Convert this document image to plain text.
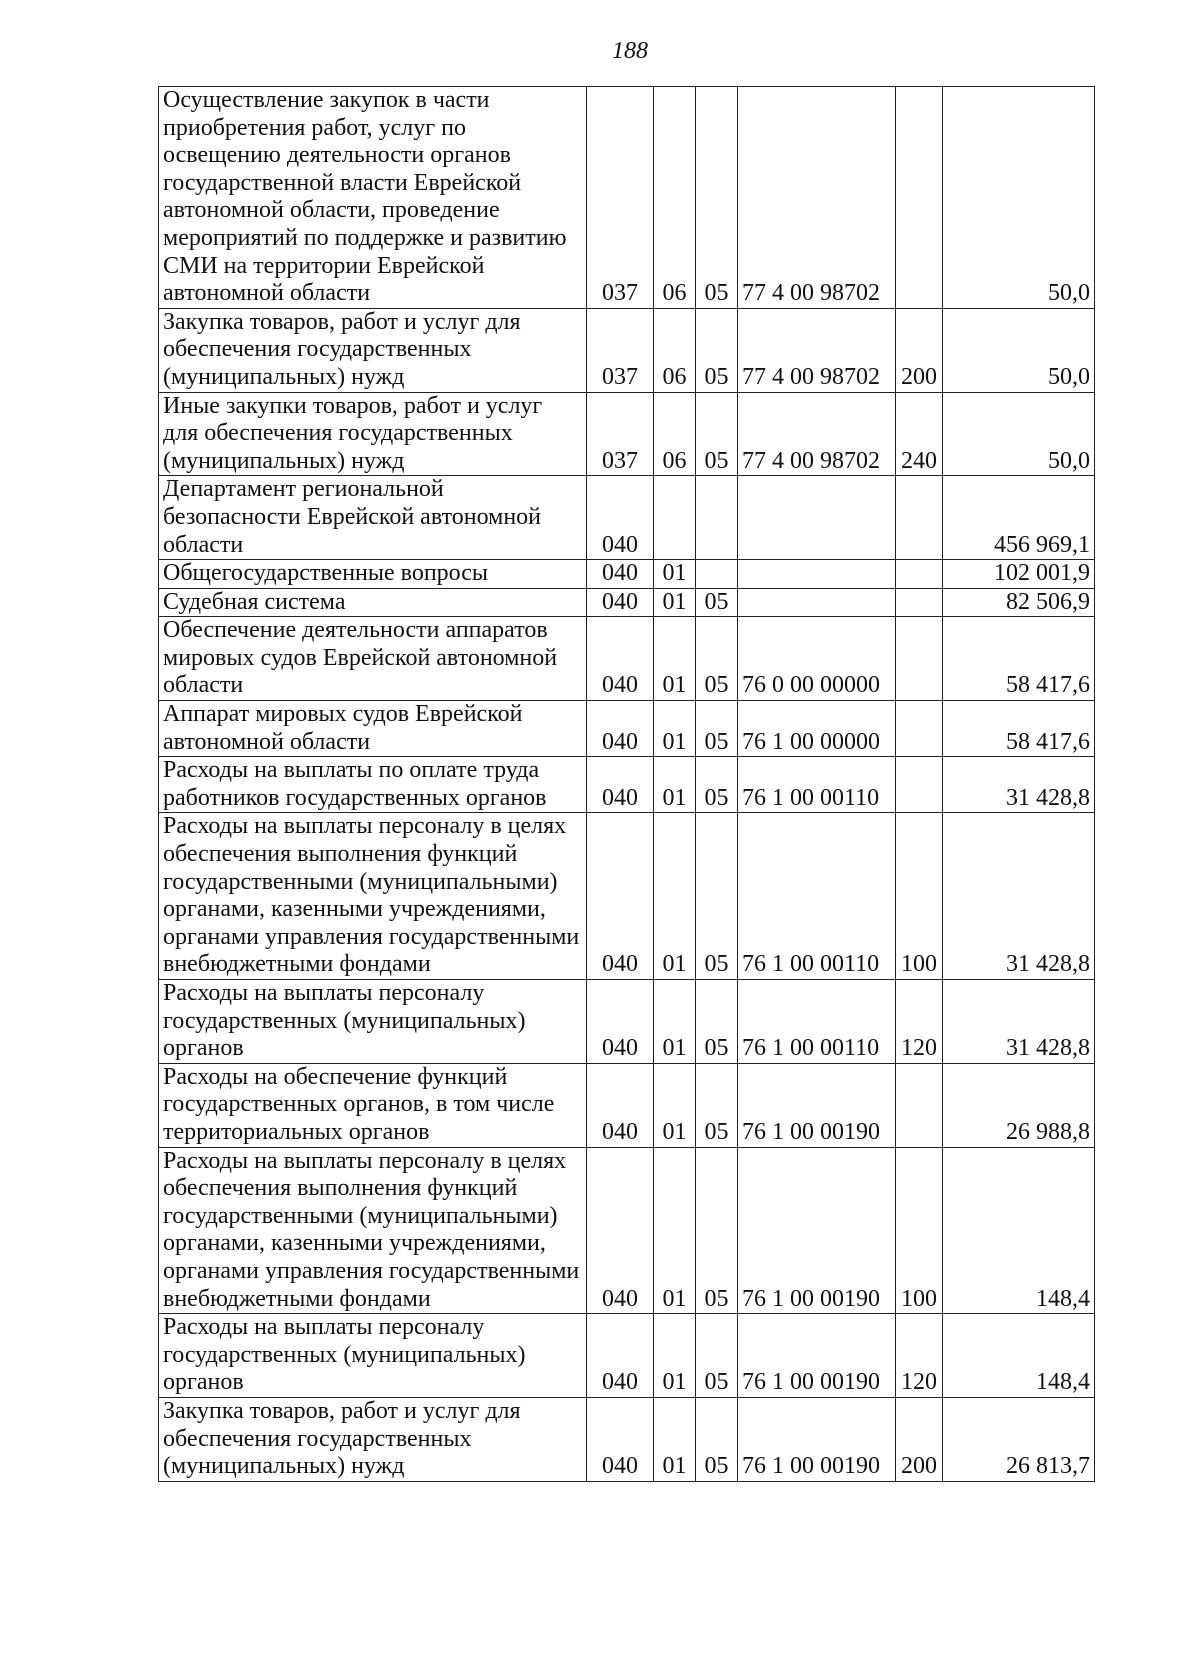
188
Осуществление закупок в части приобретения работ, услуг по освещению деятельности органов государственной власти Еврейской автономной области, проведение мероприятий по поддержке и развитию СМИ на территории Еврейской автономной области	037	06	05	77 4 00 98702		50,0
Закупка товаров, работ и услуг для обеспечения государственных (муниципальных) нужд	037	06	05	77 4 00 98702	200	50,0
Иные закупки товаров, работ и услуг для обеспечения государственных (муниципальных) нужд	037	06	05	77 4 00 98702	240	50,0
Департамент региональной безопасности Еврейской автономной области	040					456 969,1
Общегосударственные вопросы	040	01				102 001,9
Судебная система	040	01	05			82 506,9
Обеспечение деятельности аппаратов мировых судов Еврейской автономной области	040	01	05	76 0 00 00000		58 417,6
Аппарат мировых судов Еврейской автономной области	040	01	05	76 1 00 00000		58 417,6
Расходы на выплаты по оплате труда работников государственных органов	040	01	05	76 1 00 00110		31 428,8
Расходы на выплаты персоналу в целях обеспечения выполнения функций государственными (муниципальными) органами, казенными учреждениями, органами управления государственными внебюджетными фондами	040	01	05	76 1 00 00110	100	31 428,8
Расходы на выплаты персоналу государственных (муниципальных) органов	040	01	05	76 1 00 00110	120	31 428,8
Расходы на обеспечение функций государственных органов, в том числе территориальных органов	040	01	05	76 1 00 00190		26 988,8
Расходы на выплаты персоналу в целях обеспечения выполнения функций государственными (муниципальными) органами, казенными учреждениями, органами управления государственными внебюджетными фондами	040	01	05	76 1 00 00190	100	148,4
Расходы на выплаты персоналу государственных (муниципальных) органов	040	01	05	76 1 00 00190	120	148,4
Закупка товаров, работ и услуг для обеспечения государственных (муниципальных) нужд	040	01	05	76 1 00 00190	200	26 813,7
